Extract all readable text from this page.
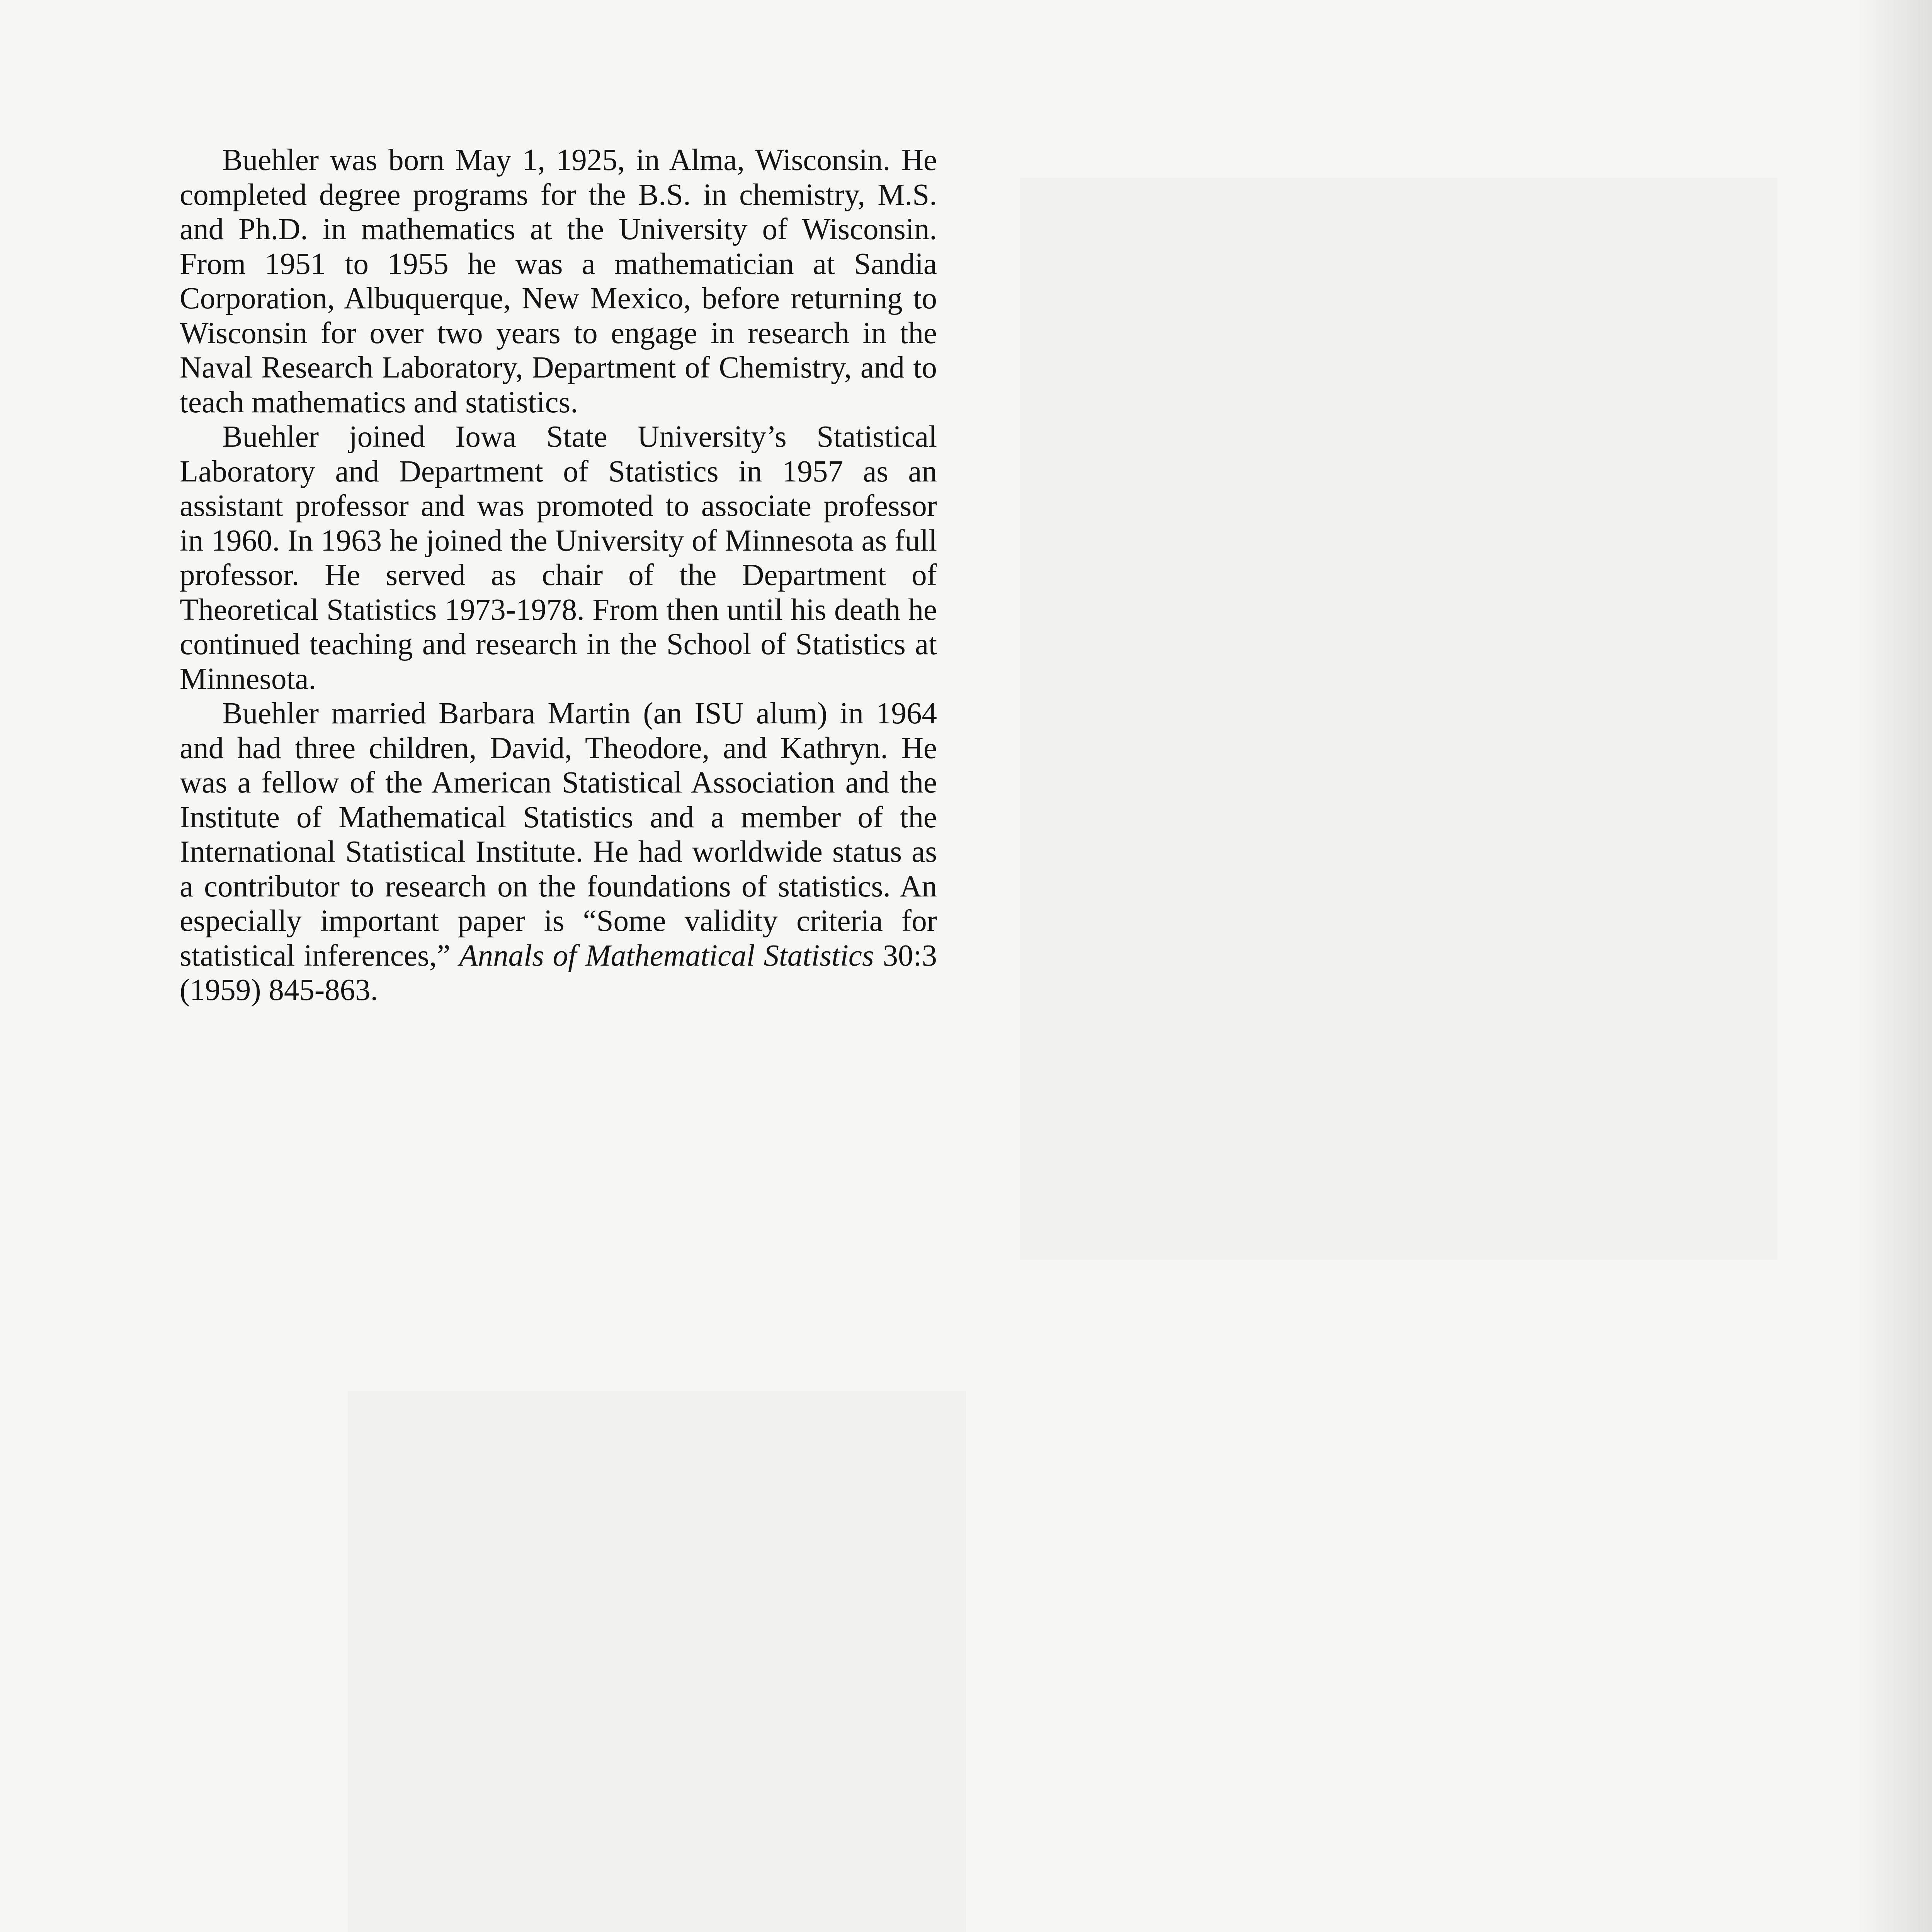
Buehler was born May 1, 1925, in Alma, Wisconsin. He completed degree programs for the B.S. in chemistry, M.S. and Ph.D. in mathematics at the University of Wisconsin. From 1951 to 1955 he was a mathematician at Sandia Corporation, Albuquerque, New Mexico, before returning to Wisconsin for over two years to engage in research in the Naval Research Laboratory, Department of Chemistry, and to teach mathematics and statistics.

Buehler joined Iowa State University’s Statistical Laboratory and Department of Statistics in 1957 as an assistant professor and was promoted to associate professor in 1960. In 1963 he joined the University of Minnesota as full professor. He served as chair of the Department of Theoretical Statistics 1973-1978. From then until his death he continued teaching and research in the School of Statistics at Minnesota.

Buehler married Barbara Martin (an ISU alum) in 1964 and had three children, David, Theodore, and Kathryn. He was a fellow of the American Statistical Association and the Institute of Mathematical Statistics and a member of the International Statistical Institute. He had worldwide status as a contributor to research on the foundations of statistics. An especially important paper is “Some validity criteria for statistical inferences,” Annals of Mathematical Statistics 30:3 (1959) 845-863.
